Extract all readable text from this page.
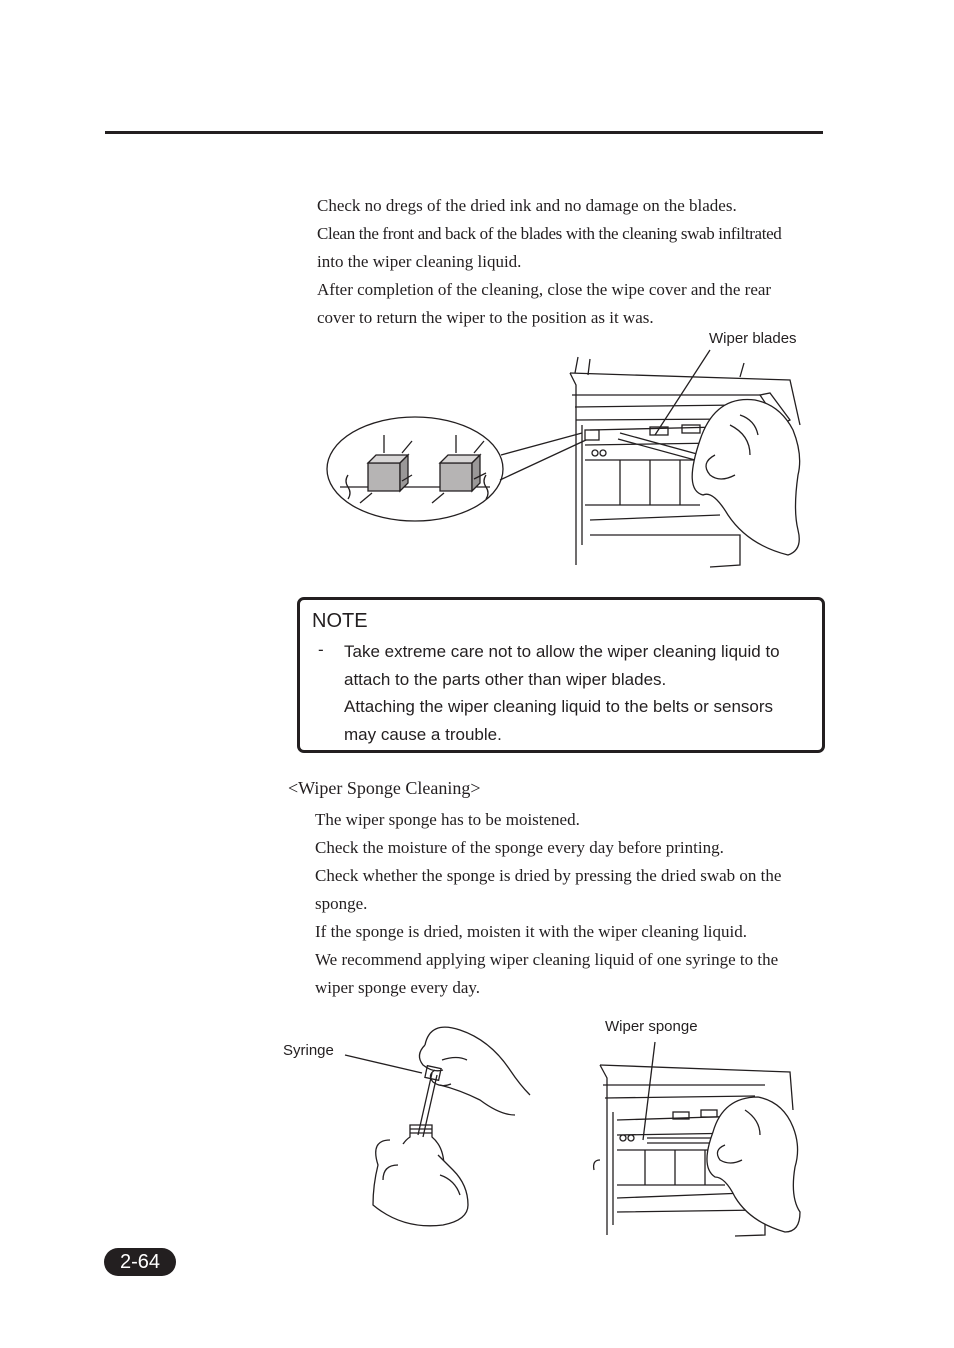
Check no dregs of the dried ink and no damage on the blades.
Clean the front and back of the blades with the cleaning swab infiltrated
into the wiper cleaning liquid.
After completion of the cleaning, close the wipe cover and the rear
cover to return the wiper to the position as it was.
Wiper blades
NOTE
- Take extreme care not to allow the wiper cleaning liquid to
attach to the parts other than wiper blades.
Attaching the wiper cleaning liquid to the belts or sensors
may cause a trouble.
<Wiper Sponge Cleaning>
The wiper sponge has to be moistened.
Check the moisture of the sponge every day before printing.
Check whether the sponge is dried by pressing the dried swab on the
sponge.
If the sponge is dried, moisten it with the wiper cleaning liquid.
We recommend applying wiper cleaning liquid of one syringe to the
wiper sponge every day.
Syringe
Wiper sponge
2-64
